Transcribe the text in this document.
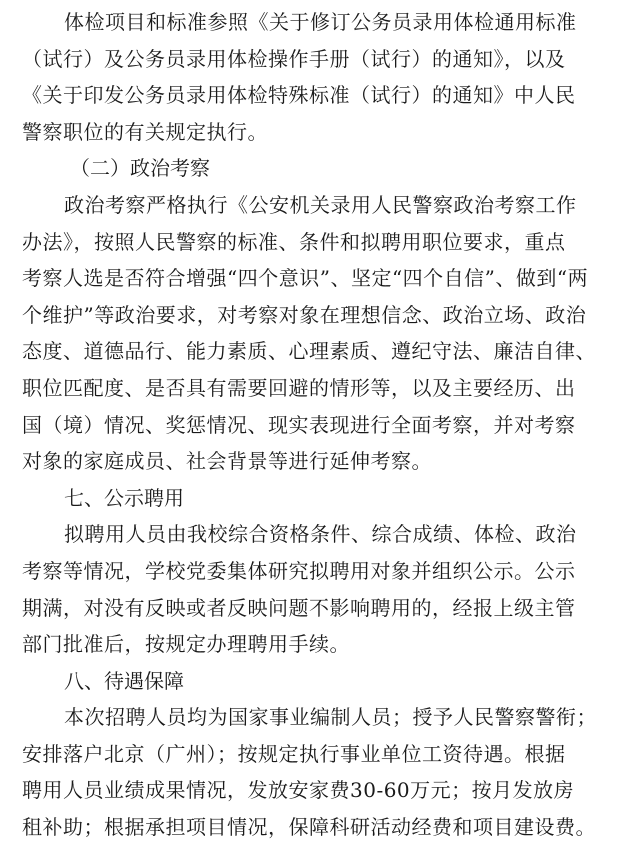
体检项目和标准参照《关于修订公务员录用体检通用标准

（试行）及公务员录用体检操作手册（试行）的通知》，以及

《关于印发公务员录用体检特殊标准（试行）的通知》中人民

警察职位的有关规定执行。

（二）政治考察

政治考察严格执行《公安机关录用人民警察政治考察工作

办法》，按照人民警察的标准、条件和拟聘用职位要求，重点

考察人选是否符合增强“四个意识”、坚定“四个自信”、做到“两

个维护”等政治要求，对考察对象在理想信念、政治立场、政治

态度、道德品行、能力素质、心理素质、遵纪守法、廉洁自律、

职位匹配度、是否具有需要回避的情形等，以及主要经历、出

国（境）情况、奖惩情况、现实表现进行全面考察，并对考察

对象的家庭成员、社会背景等进行延伸考察。

七、公示聘用

拟聘用人员由我校综合资格条件、综合成绩、体检、政治

考察等情况，学校党委集体研究拟聘用对象并组织公示。公示

期满，对没有反映或者反映问题不影响聘用的，经报上级主管

部门批准后，按规定办理聘用手续。

八、待遇保障

本次招聘人员均为国家事业编制人员；授予人民警察警衔；

安排落户北京（广州）；按规定执行事业单位工资待遇。根据

聘用人员业绩成果情况，发放安家费30-60万元；按月发放房

租补助；根据承担项目情况，保障科研活动经费和项目建设费。
